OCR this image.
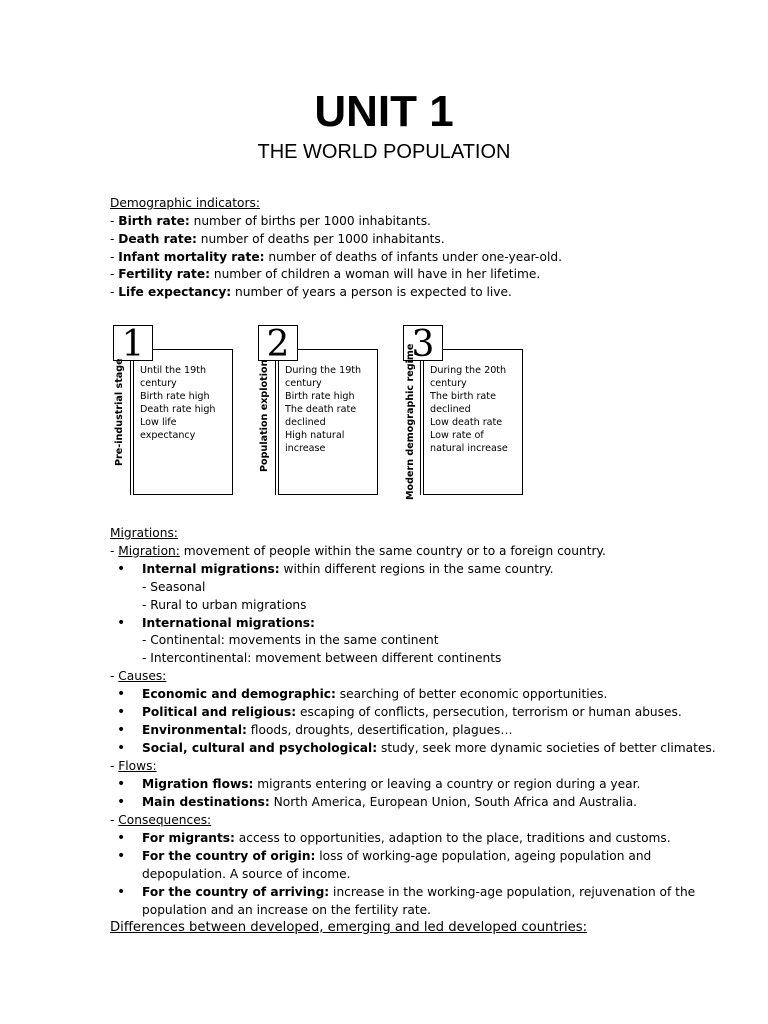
UNIT 1
THE WORLD POPULATION
Demographic indicators:
- Birth rate: number of births per 1000 inhabitants.
- Death rate: number of deaths per 1000 inhabitants.
- Infant mortality rate: number of deaths of infants under one-year-old.
- Fertility rate: number of children a woman will have in her lifetime.
- Life expectancy: number of years a person is expected to live.
Until the 19th
century
Birth rate high
Death rate high
Low life
expectancy
1
Pre-industrial stage	During the 19th
century
Birth rate high
The death rate
declined
High natural
increase
2
Population explotion	During the 20th
century
The birth rate
declined
Low death rate
Low rate of
natural increase
3
Modern demographic regime
Migrations:
- Migration: movement of people within the same country or to a foreign country.
• Internal migrations: within different regions in the same country.
- Seasonal
- Rural to urban migrations
• International migrations:
- Continental: movements in the same continent
- Intercontinental: movement between different continents
- Causes:
• Economic and demographic: searching of better economic opportunities.
• Political and religious: escaping of conflicts, persecution, terrorism or human abuses.
• Environmental: floods, droughts, desertification, plagues…
• Social, cultural and psychological: study, seek more dynamic societies of better climates.
- Flows:
• Migration flows: migrants entering or leaving a country or region during a year.
• Main destinations: North America, European Union, South Africa and Australia.
- Consequences:
• For migrants: access to opportunities, adaption to the place, traditions and customs.
• For the country of origin: loss of working-age population, ageing population and
depopulation. A source of income.
• For the country of arriving: increase in the working-age population, rejuvenation of the
population and an increase on the fertility rate.
Differences between developed, emerging and led developed countries:
